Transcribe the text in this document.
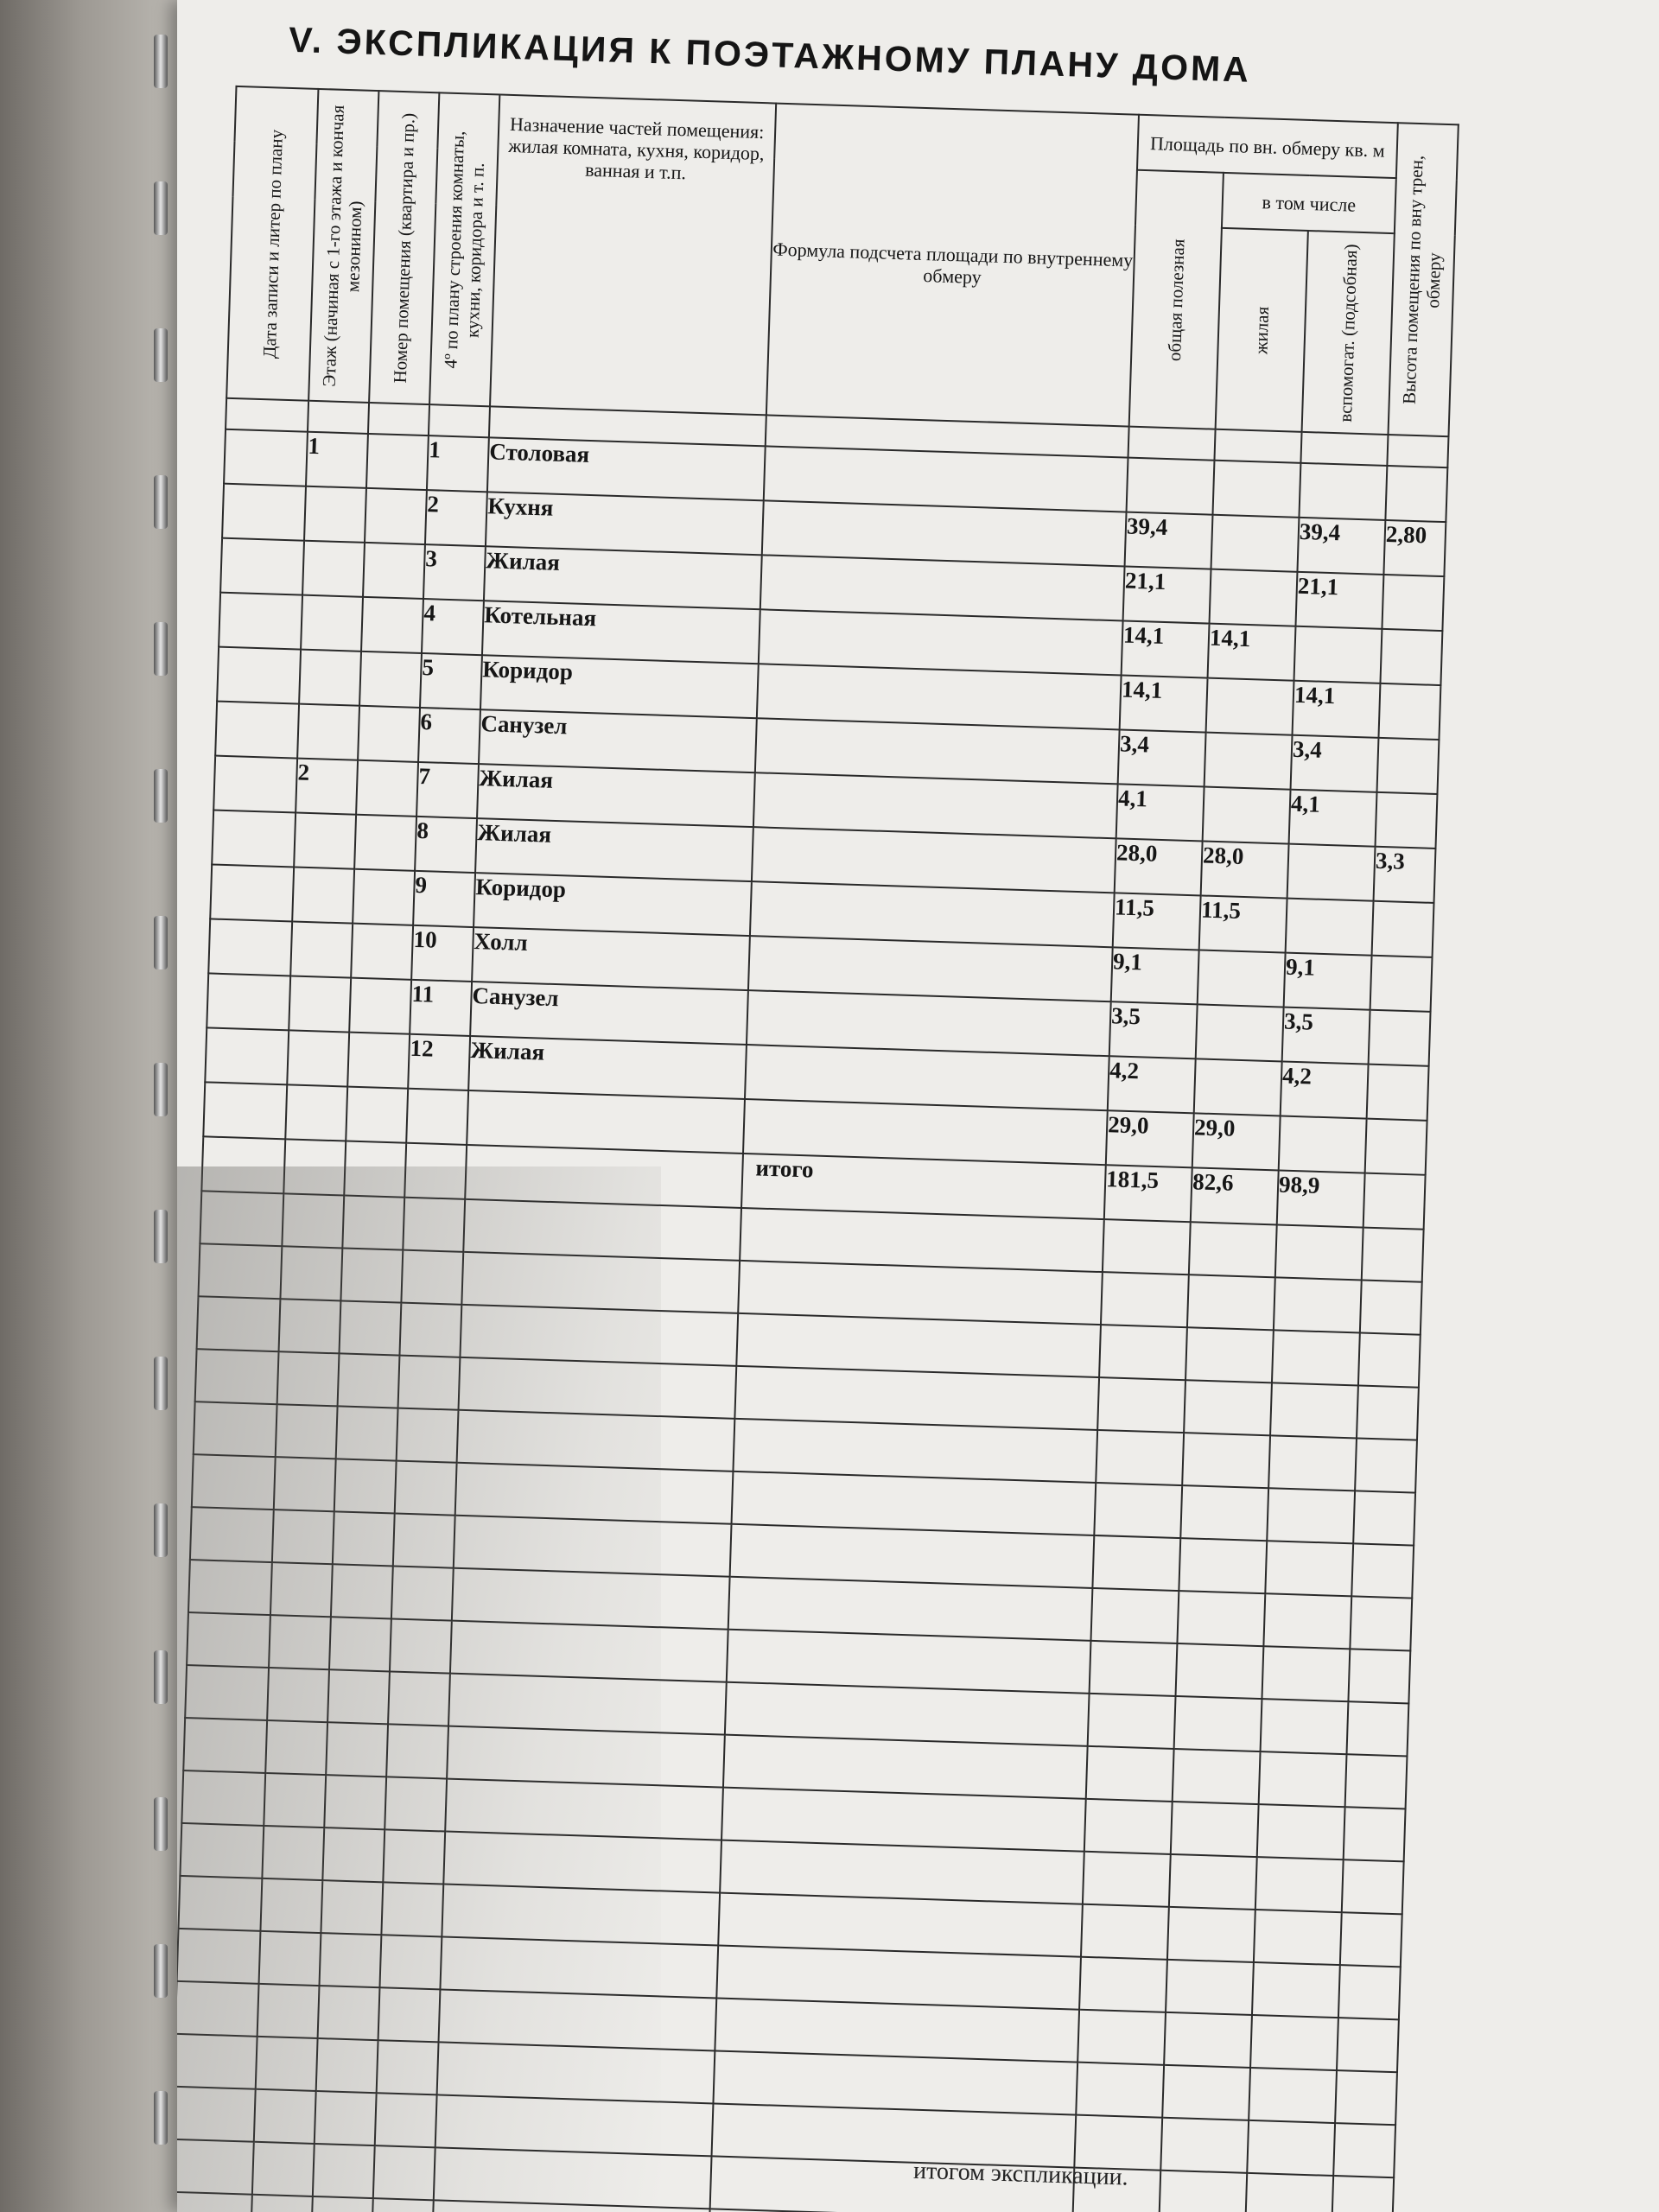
V. ЭКСПЛИКАЦИЯ К ПОЭТАЖНОМУ ПЛАНУ ДОМА
Дата записи и литер по плану	Этаж (начиная с 1-го этажа и кончая мезонином)	Номер помещения (квартира и пр.)	4º по плану строения комнаты, кухни, коридора и т. п.	Назначение частей помещения: жилая комната, кухня, коридор, ванная и т.п.	Формула подсчета площади по внутреннему обмеру	Площадь по вн. обмеру кв. м			Высота помещения по вну трен, обмеру

						общая полезная	в том числе		

							жилая	вспомогат. (подсобная)	

	1		1	Столовая					
			2	Кухня		39,4		39,4	2,80
			3	Жилая		21,1		21,1	
			4	Котельная		14,1	14,1		
			5	Коридор		14,1		14,1	
			6	Санузел		3,4		3,4	
	2		7	Жилая		4,1		4,1	
			8	Жилая		28,0	28,0		3,3
			9	Коридор		11,5	11,5		
			10	Холл		9,1		9,1	
			11	Санузел		3,5		3,5	
			12	Жилая		4,2		4,2	
						29,0	29,0		
					итого	181,5	82,6	98,9	

итогом экспликации.
